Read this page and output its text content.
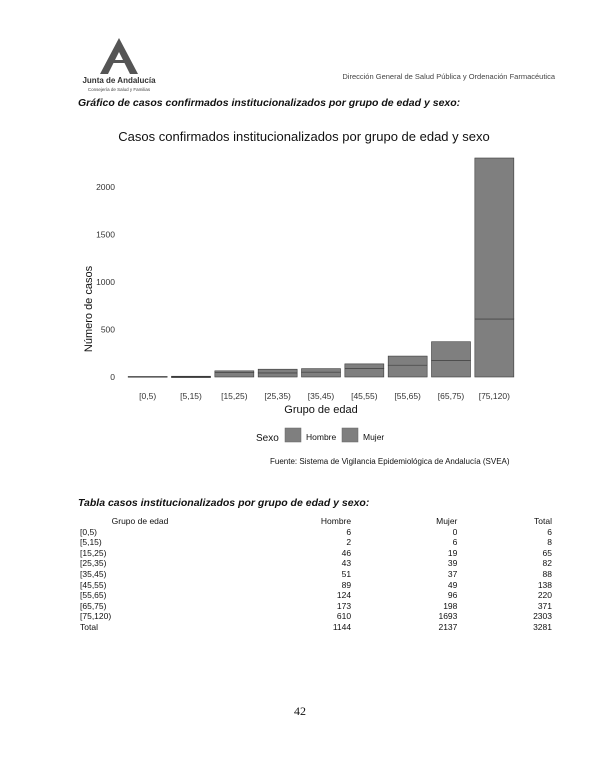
Junta de Andalucía
Consejería de Salud y Familias
Dirección General de Salud Pública y Ordenación Farmacéutica
Gráfico de casos confirmados institucionalizados por grupo de edad y sexo:
Casos confirmados institucionalizados por grupo de edad y sexo
Número de casos
0
500
1000
1500
2000
[0,5)	[5,15) [15,25) [25,35) [35,45) [45,55) [55,65) [65,75) [75,120)
Grupo de edad
Sexo	Hombre	Mujer
Fuente: Sistema de Vigilancia Epidemiológica de Andalucía (SVEA)
Tabla casos institucionalizados por grupo de edad y sexo:
Grupo de edad	Hombre	Mujer	Total
[0,5)	6	0	6
[5,15)	2	6	8
[15,25)	46	19	65
[25,35)	43	39	82
[35,45)	51	37	88
[45,55)	89	49	138
[55,65)	124	96	220
[65,75)	173	198	371
[75,120)	610	1693	2303
Total	1144	2137	3281
42
